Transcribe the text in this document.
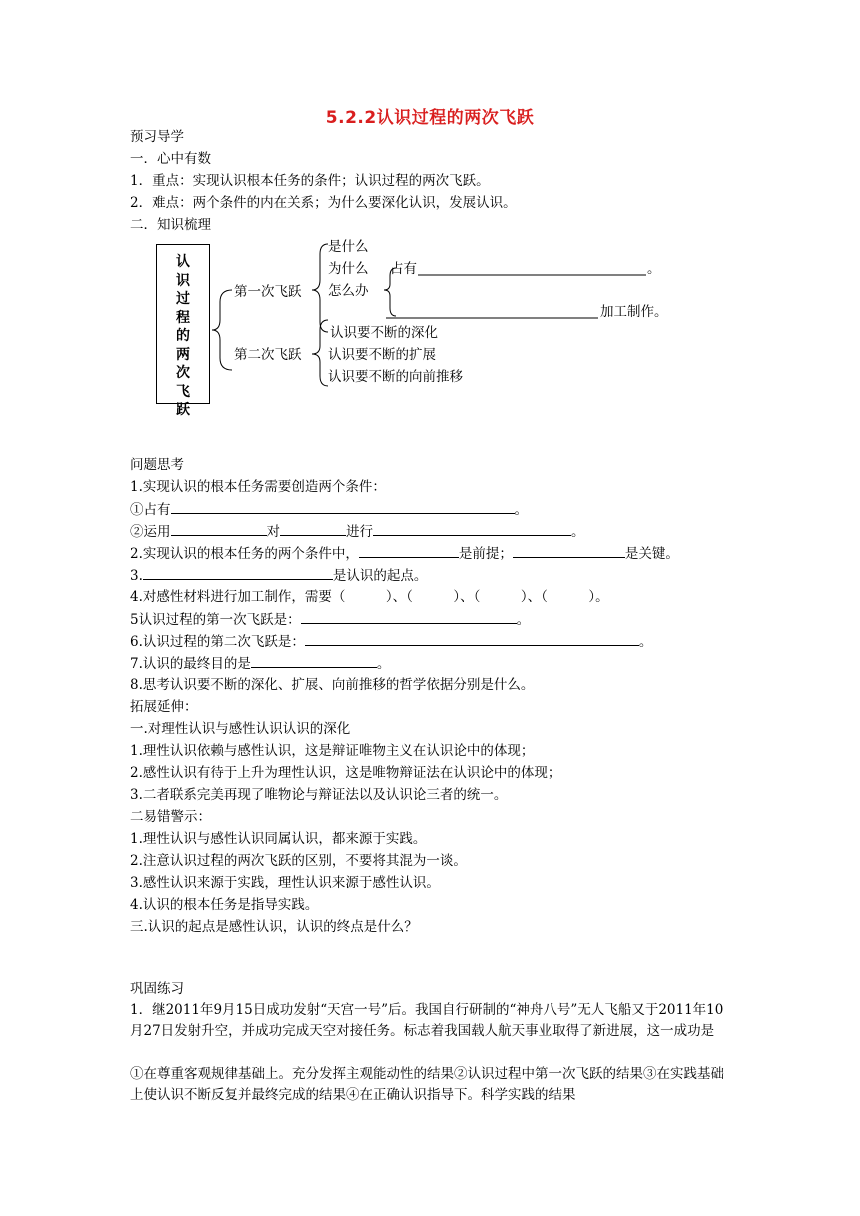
5.2.2认识过程的两次飞跃
预习导学
一．心中有数
1．重点：实现认识根本任务的条件；认识过程的两次飞跃。
2．难点：两个条件的内在关系；为什么要深化认识，发展认识。
二．知识梳理
认
识
过
程
的
两
次
飞
跃
第一次飞跃
第二次飞跃
是什么
为什么
怎么办
占有	。
加工制作。
认识要不断的深化
认识要不断的扩展
认识要不断的向前推移
问题思考
1.实现认识的根本任务需要创造两个条件：
①占有	。
②运用	对	进行	。
2.实现认识的根本任务的两个条件中，	是前提；	是关键。
3.	是认识的起点。
4.对感性材料进行加工制作，需要（　　　）、（　　　）、（　　　）、（　　　）。
5认识过程的第一次飞跃是：	。
6.认识过程的第二次飞跃是：	。
7.认识的最终目的是	。
8.思考认识要不断的深化、扩展、向前推移的哲学依据分别是什么。
拓展延伸：
一.对理性认识与感性认识认识的深化
1.理性认识依赖与感性认识，这是辩证唯物主义在认识论中的体现；
2.感性认识有待于上升为理性认识，这是唯物辩证法在认识论中的体现；
3.二者联系完美再现了唯物论与辩证法以及认识论三者的统一。
二易错警示：
1.理性认识与感性认识同属认识，都来源于实践。
2.注意认识过程的两次飞跃的区别，不要将其混为一谈。
3.感性认识来源于实践，理性认识来源于感性认识。
4.认识的根本任务是指导实践。
三.认识的起点是感性认识，认识的终点是什么？
巩固练习
1．继2011年9月15日成功发射“天宫一号”后。我国自行研制的“神舟八号”无人飞船又于2011年10月27日发射升空，并成功完成天空对接任务。标志着我国载人航天事业取得了新进展，这一成功是
①在尊重客观规律基础上。充分发挥主观能动性的结果②认识过程中第一次飞跃的结果③在实践基础上使认识不断反复并最终完成的结果④在正确认识指导下。科学实践的结果
